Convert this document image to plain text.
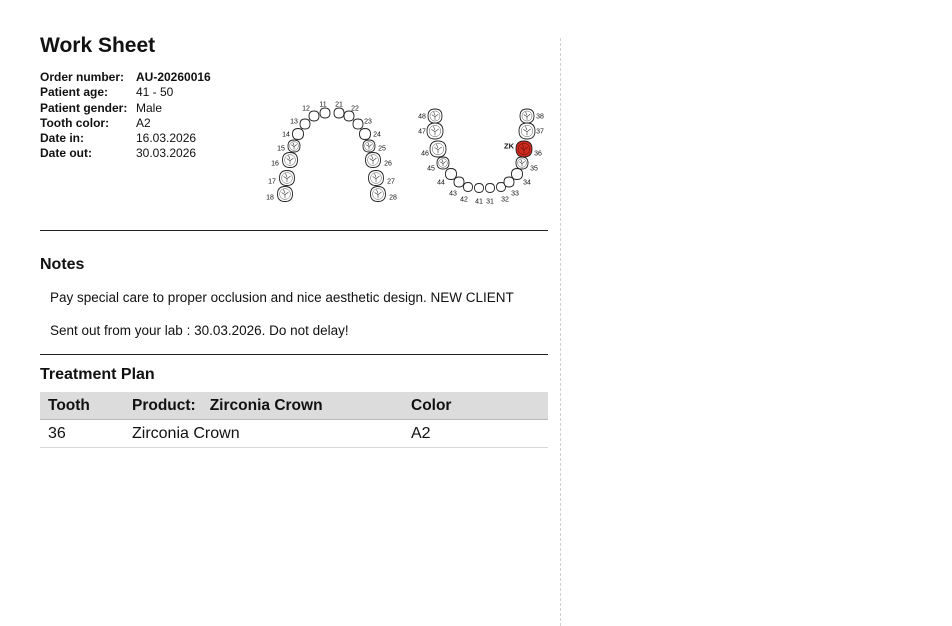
Work Sheet
Order number: AU-20260016
Patient age:	41 - 50
Patient gender: Male
Tooth color:	A2
Date in:	16.03.2026
Date out:	30.03.2026
18
17
16
15
14
13
12
11 21
22
23
24
25
26
27
28
48
47
46
45
44
43
42 41 31 32
33
34
35
36
ZK
37
38
Notes
Pay special care to proper occlusion and nice aesthetic design. NEW CLIENT
Sent out from your lab : 30.03.2026. Do not delay!
Treatment Plan
Tooth	Product: Zirconia Crown	Color
36	Zirconia Crown	A2
